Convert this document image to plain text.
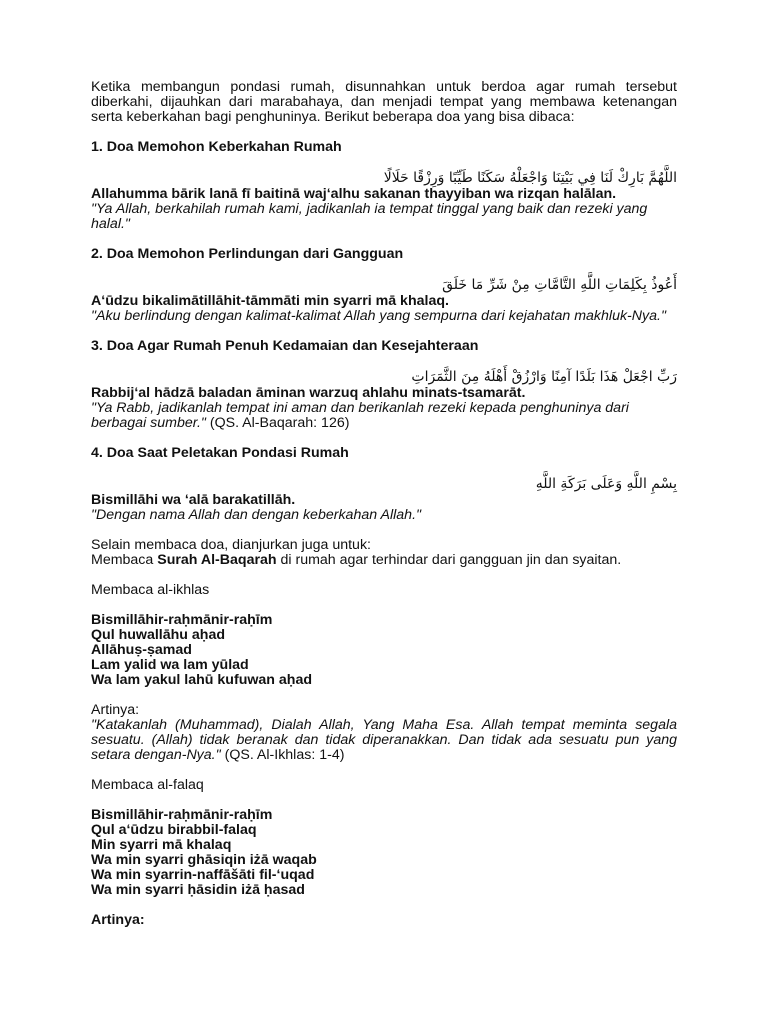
Ketika membangun pondasi rumah, disunnahkan untuk berdoa agar rumah tersebut diberkahi, dijauhkan dari marabahaya, dan menjadi tempat yang membawa ketenangan serta keberkahan bagi penghuninya. Berikut beberapa doa yang bisa dibaca:

1. Doa Memohon Keberkahan Rumah

اللَّهُمَّ بَارِكْ لَنَا فِي بَيْتِنَا وَاجْعَلْهُ سَكَنًا طَيِّبًا وَرِزْقًا حَلَالًا

Allahumma bārik lanā fī baitinā waj‘alhu sakanan thayyiban wa rizqan halālan.

"Ya Allah, berkahilah rumah kami, jadikanlah ia tempat tinggal yang baik dan rezeki yang halal."

2. Doa Memohon Perlindungan dari Gangguan

أَعُوذُ بِكَلِمَاتِ اللَّهِ التَّامَّاتِ مِنْ شَرِّ مَا خَلَقَ

A‘ūdzu bikalimātillāhit-tāmmāti min syarri mā khalaq.

"Aku berlindung dengan kalimat-kalimat Allah yang sempurna dari kejahatan makhluk-Nya."

3. Doa Agar Rumah Penuh Kedamaian dan Kesejahteraan

رَبِّ اجْعَلْ هَذَا بَلَدًا آمِنًا وَارْزُقْ أَهْلَهُ مِنَ الثَّمَرَاتِ

Rabbij‘al hādzā baladan āminan warzuq ahlahu minats-tsamarāt.

"Ya Rabb, jadikanlah tempat ini aman dan berikanlah rezeki kepada penghuninya dari berbagai sumber." (QS. Al-Baqarah: 126)

4. Doa Saat Peletakan Pondasi Rumah

بِسْمِ اللَّهِ وَعَلَى بَرَكَةِ اللَّهِ

Bismillāhi wa ‘alā barakatillāh.

"Dengan nama Allah dan dengan keberkahan Allah."

Selain membaca doa, dianjurkan juga untuk:

Membaca Surah Al-Baqarah di rumah agar terhindar dari gangguan jin dan syaitan.

Membaca al-ikhlas

Bismillāhir-raḥmānir-raḥīm

Qul huwallāhu aḥad

Allāhuṣ-ṣamad

Lam yalid wa lam yūlad

Wa lam yakul lahū kufuwan aḥad

Artinya:

"Katakanlah (Muhammad), Dialah Allah, Yang Maha Esa. Allah tempat meminta segala sesuatu. (Allah) tidak beranak dan tidak diperanakkan. Dan tidak ada sesuatu pun yang setara dengan-Nya." (QS. Al-Ikhlas: 1-4)

Membaca al-falaq

Bismillāhir-raḥmānir-raḥīm

Qul a‘ūdzu birabbil-falaq

Min syarri mā khalaq

Wa min syarri ghāsiqin iżā waqab

Wa min syarrin-naffāšāti fil-‘uqad

Wa min syarri ḥāsidin iżā ḥasad

Artinya:
